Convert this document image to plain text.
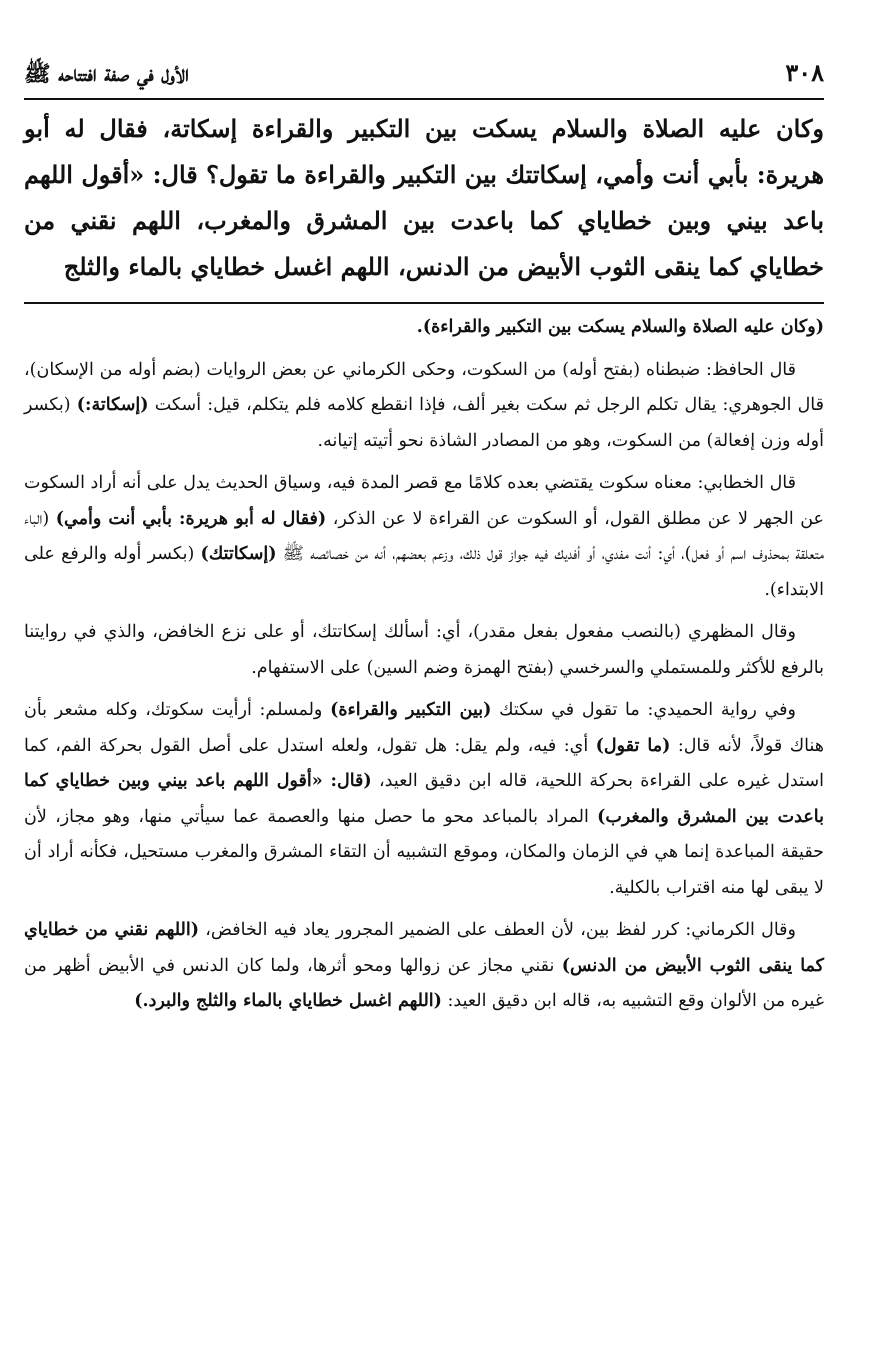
٣٠٨
الأول في صفة افتتاحه ﷺ

وكان عليه الصلاة والسلام يسكت بين التكبير والقراءة إسكاتة، فقال له أبو هريرة: بأبي أنت وأمي، إسكاتتك بين التكبير والقراءة ما تقول؟ قال: «أقول اللهم باعد بيني وبين خطاياي كما باعدت بين المشرق والمغرب، اللهم نقني من خطاياي كما ينقى الثوب الأبيض من الدنس، اللهم اغسل خطاياي بالماء والثلج

(وكان عليه الصلاة والسلام يسكت بين التكبير والقراءة).

قال الحافظ: ضبطناه (بفتح أوله) من السكوت، وحكى الكرماني عن بعض الروايات (بضم أوله من الإسكان)، قال الجوهري: يقال تكلم الرجل ثم سكت بغير ألف، فإذا انقطع كلامه فلم يتكلم، قيل: أسكت (إسكاتة:) (بكسر أوله وزن إفعالة) من السكوت، وهو من المصادر الشاذة نحو أتيته إتيانه.

قال الخطابي: معناه سكوت يقتضي بعده كلامًا مع قصر المدة فيه، وسياق الحديث يدل على أنه أراد السكوت عن الجهر لا عن مطلق القول، أو السكوت عن القراءة لا عن الذكر، (فقال له أبو هريرة: بأبي أنت وأمي) (الباء متعلقة بمحذوف اسم أو فعل)، أي: أنت مفدي، أو أفديك فيه جواز قول ذلك، وزعم بعضهم، أنه من خصائصه ﷺ (إسكاتتك) (بكسر أوله والرفع على الابتداء).

وقال المظهري (بالنصب مفعول بفعل مقدر)، أي: أسألك إسكاتتك، أو على نزع الخافض، والذي في روايتنا بالرفع للأكثر وللمستملي والسرخسي (بفتح الهمزة وضم السين) على الاستفهام.

وفي رواية الحميدي: ما تقول في سكتك (بين التكبير والقراءة) ولمسلم: أرأيت سكوتك، وكله مشعر بأن هناك قولاً، لأنه قال: (ما تقول) أي: فيه، ولم يقل: هل تقول، ولعله استدل على أصل القول بحركة الفم، كما استدل غيره على القراءة بحركة اللحية، قاله ابن دقيق العيد، (قال: «أقول اللهم باعد بيني وبين خطاياي كما باعدت بين المشرق والمغرب) المراد بالمباعد محو ما حصل منها والعصمة عما سيأتي منها، وهو مجاز، لأن حقيقة المباعدة إنما هي في الزمان والمكان، وموقع التشبيه أن التقاء المشرق والمغرب مستحيل، فكأنه أراد أن لا يبقى لها منه اقتراب بالكلية.

وقال الكرماني: كرر لفظ بين، لأن العطف على الضمير المجرور يعاد فيه الخافض، (اللهم نقني من خطاياي كما ينقى الثوب الأبيض من الدنس) نقني مجاز عن زوالها ومحو أثرها، ولما كان الدنس في الأبيض أظهر من غيره من الألوان وقع التشبيه به، قاله ابن دقيق العيد: (اللهم اغسل خطاياي بالماء والثلج والبرد.)
